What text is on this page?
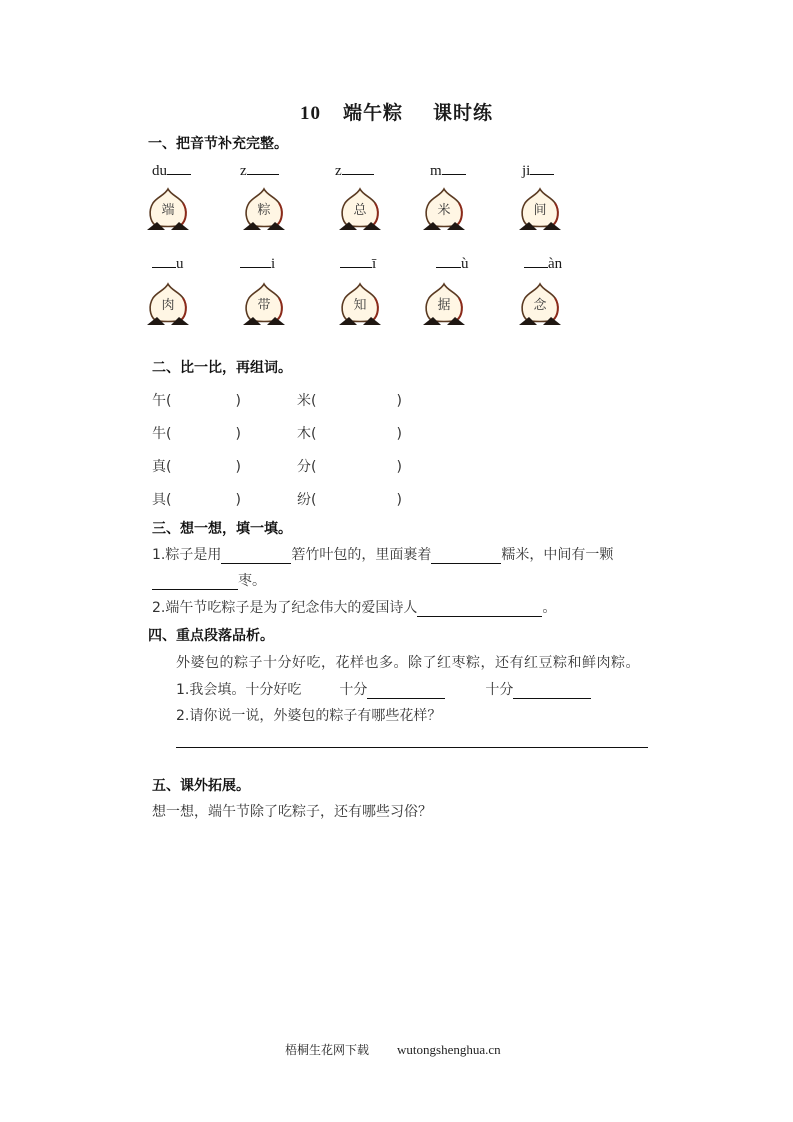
10 端午粽 课时练
一、把音节补充完整。
du	z	z	m	ji
端	粽	总	米	间
u	i	ī	ù	àn
肉	带	知	据	念
二、比一比，再组词。
午(	)	米(	)
牛(	)	木(	)
真(	)	分(	)
具(	)	纷(	)
三、想一想，填一填。
1.粽子是用	箬竹叶包的，里面裹着	糯米，中间有一颗
枣。
2.端午节吃粽子是为了纪念伟大的爱国诗人	。
四、重点段落品析。
外婆包的粽子十分好吃，花样也多。除了红枣粽，还有红豆粽和鲜肉粽。
1.我会填。十分好吃	十分	十分
2.请你说一说，外婆包的粽子有哪些花样？
五、课外拓展。
想一想，端午节除了吃粽子，还有哪些习俗？
梧桐生花网下载 wutongshenghua.cn
